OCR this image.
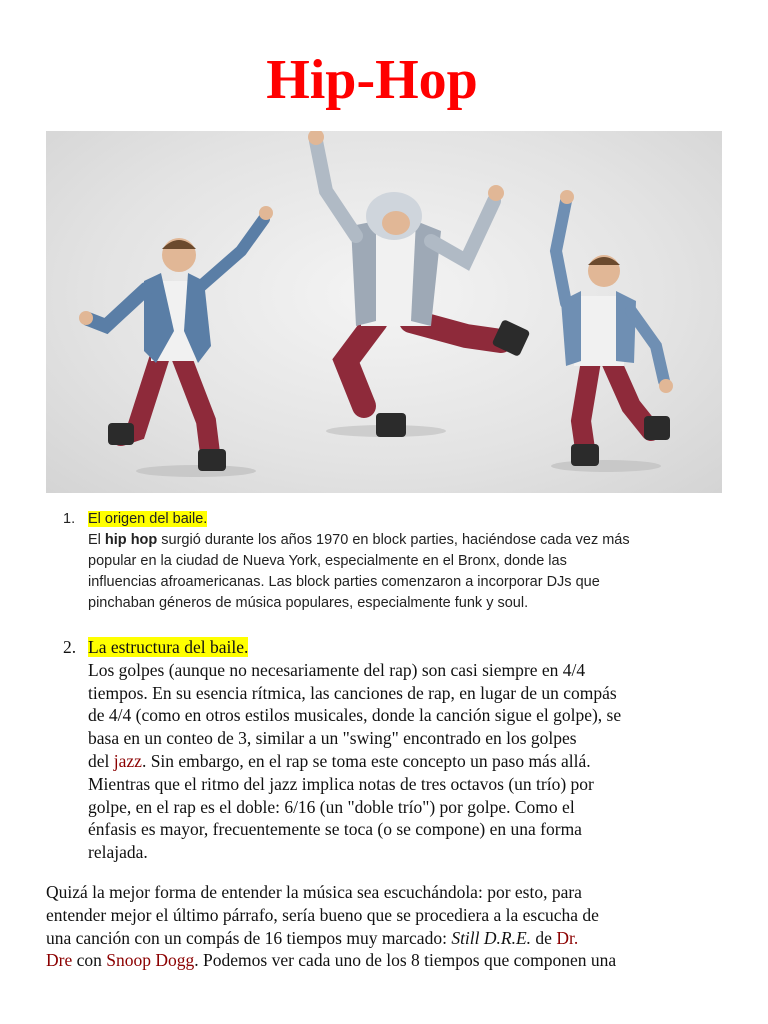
Hip-Hop
1. El origen del baile.
El hip hop surgió durante los años 1970 en block parties, haciéndose cada vez más
popular en la ciudad de Nueva York, especialmente en el Bronx, donde las
influencias afroamericanas. Las block parties comenzaron a incorporar DJs que
pinchaban géneros de música populares, especialmente funk y soul.
2. La estructura del baile.
Los golpes (aunque no necesariamente del rap) son casi siempre en 4/4
tiempos. En su esencia rítmica, las canciones de rap, en lugar de un compás
de 4/4 (como en otros estilos musicales, donde la canción sigue el golpe), se
basa en un conteo de 3, similar a un "swing" encontrado en los golpes
del jazz. Sin embargo, en el rap se toma este concepto un paso más allá.
Mientras que el ritmo del jazz implica notas de tres octavos (un trío) por
golpe, en el rap es el doble: 6/16 (un "doble trío") por golpe. Como el
énfasis es mayor, frecuentemente se toca (o se compone) en una forma
relajada.
Quizá la mejor forma de entender la música sea escuchándola: por esto, para
entender mejor el último párrafo, sería bueno que se procediera a la escucha de
una canción con un compás de 16 tiempos muy marcado: Still D.R.E. de Dr.
Dre con Snoop Dogg. Podemos ver cada uno de los 8 tiempos que componen una
